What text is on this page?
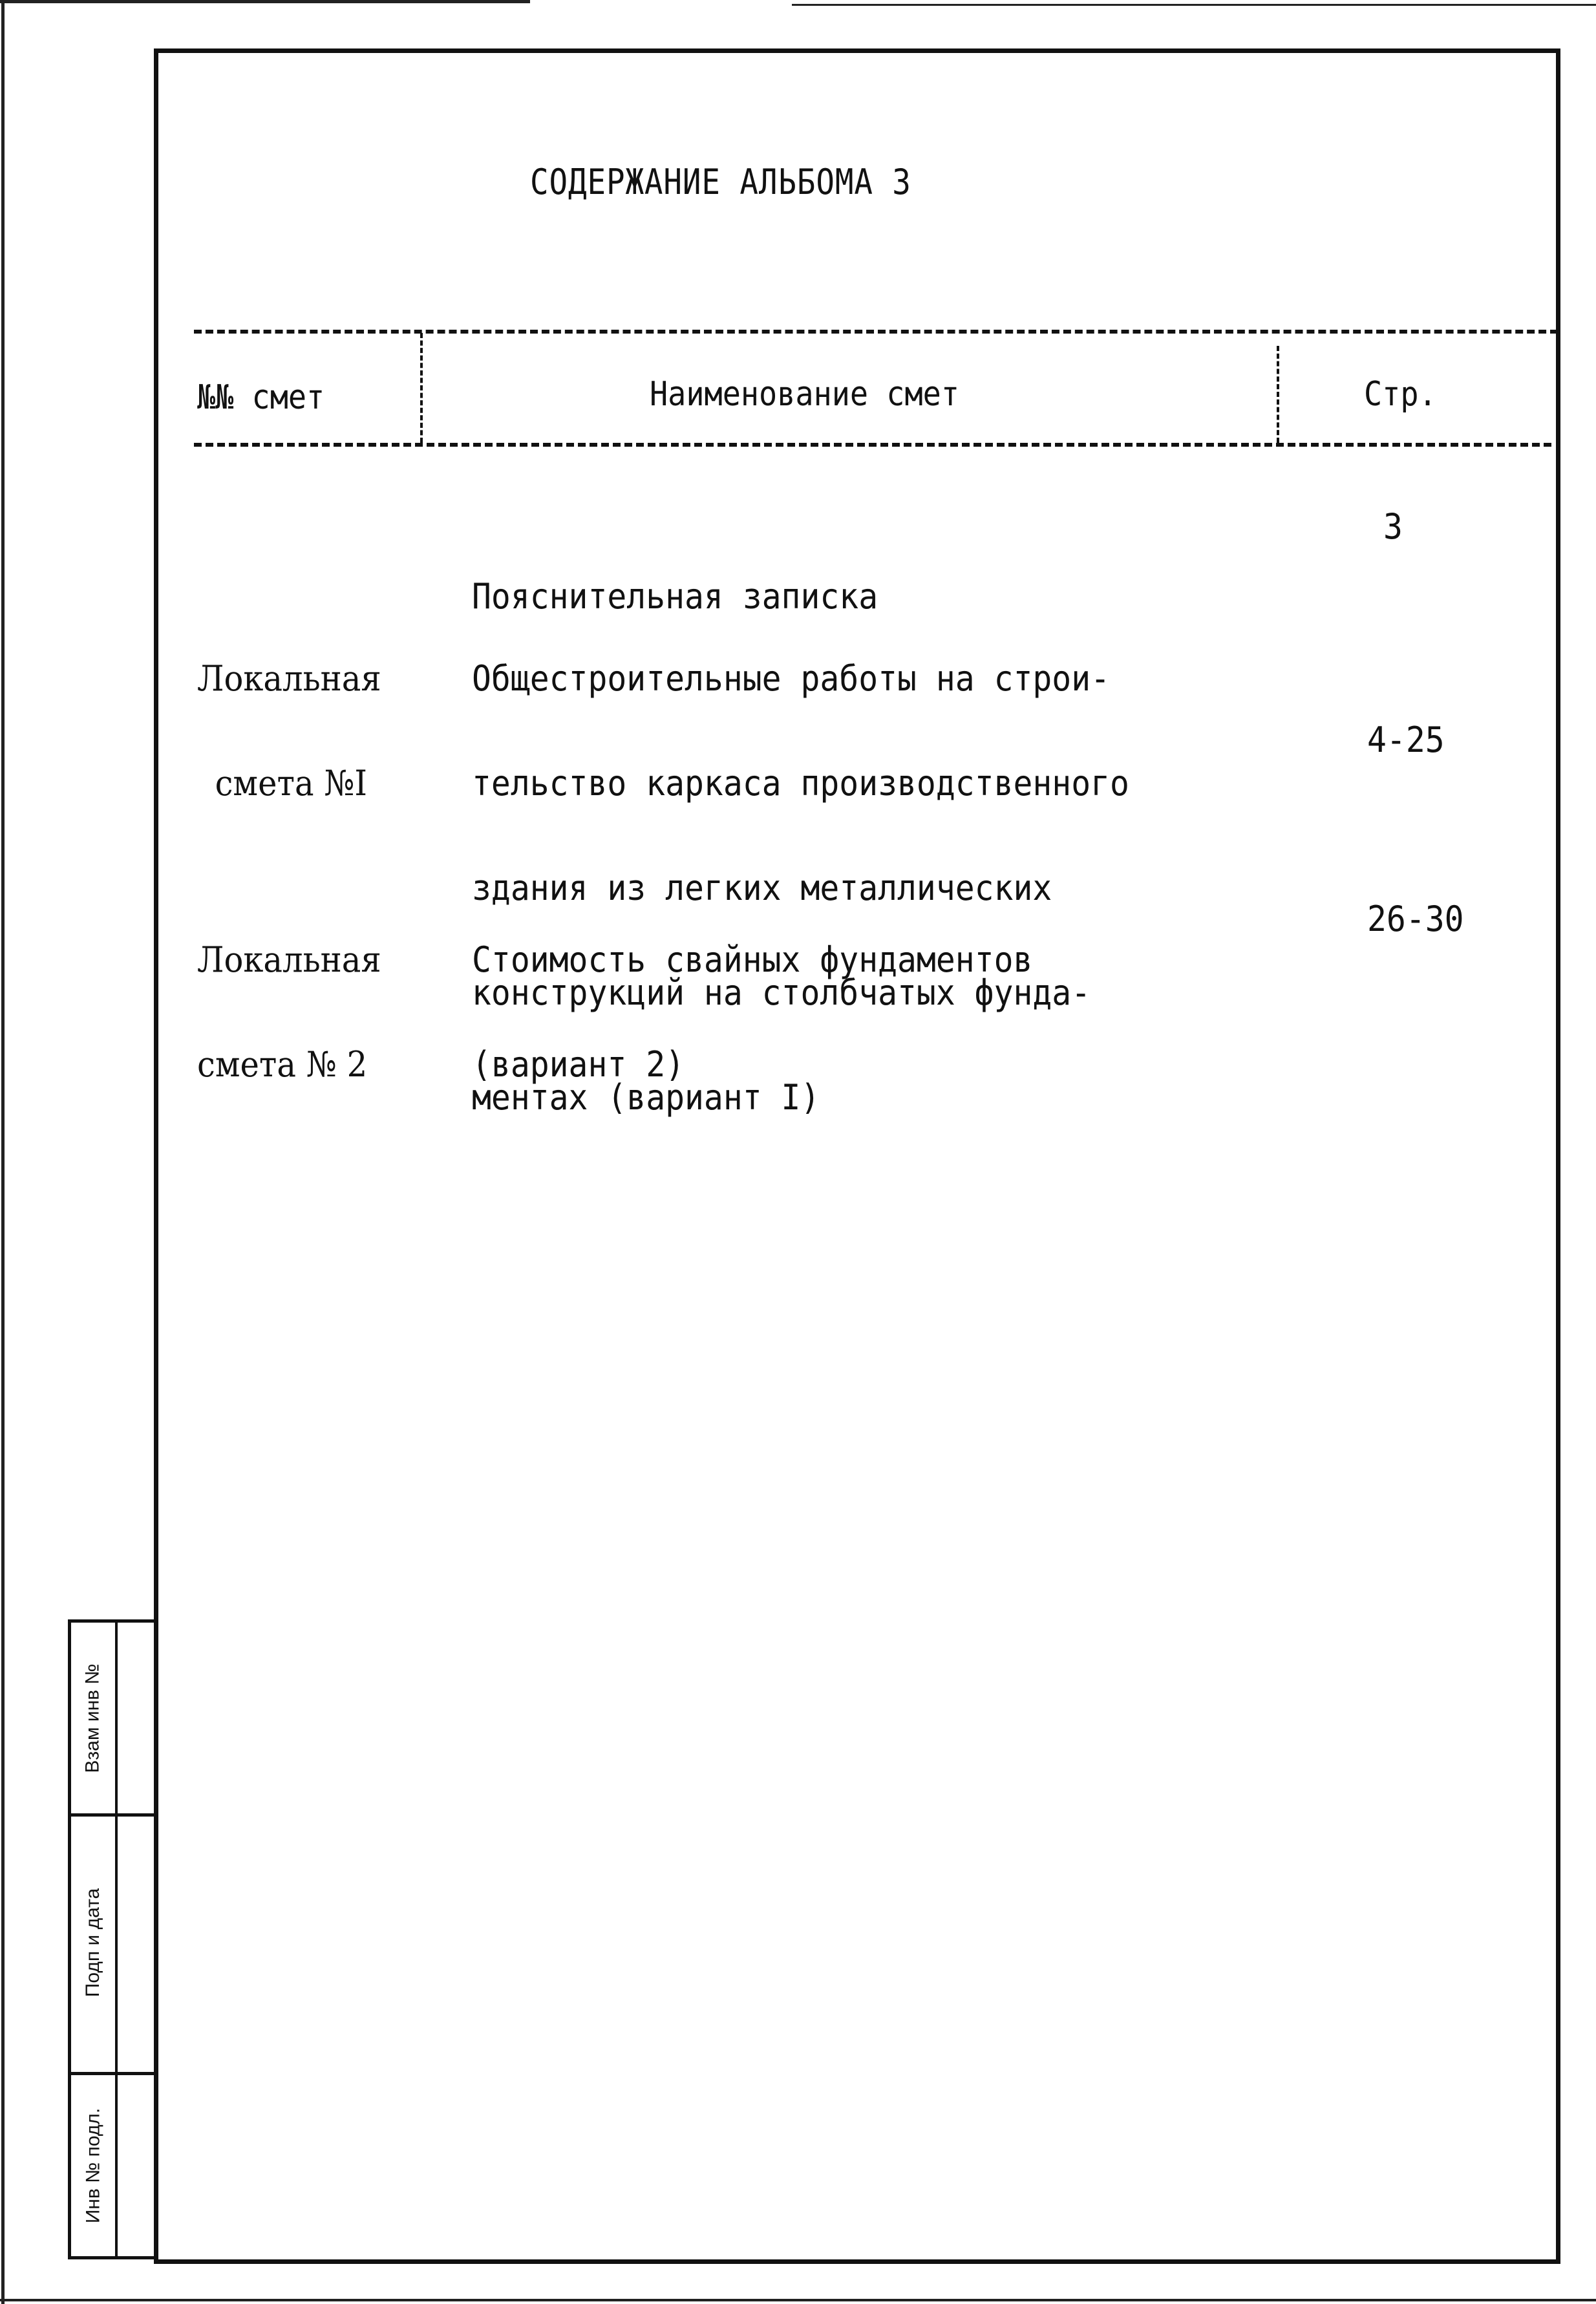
СОДЕРЖАНИЕ АЛЬБОМА 3
№№ смет	Наименование смет	Стр.

Пояснительная записка

3

Локальная

смета №I

Общестроительные работы на строи-

тельство каркаса производственного

здания из легких металлических

конструкций на столбчатых фунда-

ментах (вариант I)

4-25

Локальная

смета № 2

Стоимость свайных фундаментов

(вариант 2)

26-30
Взам инв №
Подп и дата
Инв № подл.
